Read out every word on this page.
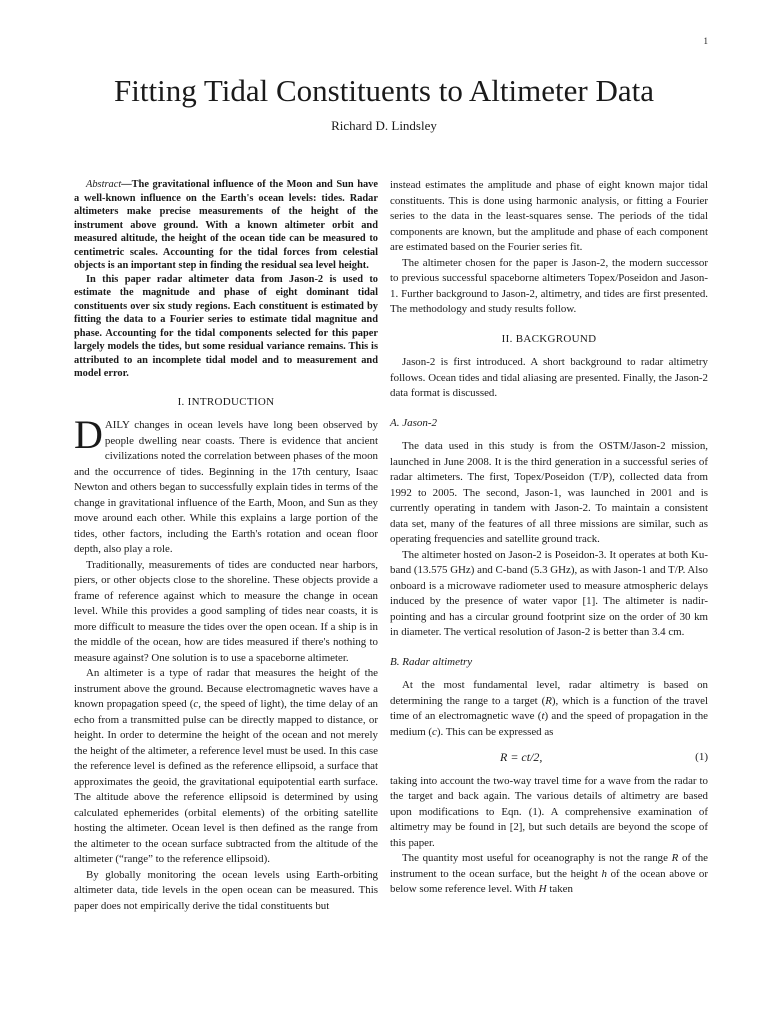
1
Fitting Tidal Constituents to Altimeter Data
Richard D. Lindsley

Abstract—The gravitational influence of the Moon and Sun have a well-known influence on the Earth's ocean levels: tides. Radar altimeters make precise measurements of the height of the instrument above ground. With a known altimeter orbit and measured altitude, the height of the ocean tide can be measured to centimetric scales. Accounting for the tidal forces from celestial objects is an important step in finding the residual sea level height.

In this paper radar altimeter data from Jason-2 is used to estimate the magnitude and phase of eight dominant tidal constituents over six study regions. Each constituent is estimated by fitting the data to a Fourier series to estimate tidal magnitue and phase. Accounting for the tidal components selected for this paper largely models the tides, but some residual variance remains. This is attributed to an incomplete tidal model and to measurement and model error.

I. INTRODUCTION

DAILY changes in ocean levels have long been observed by people dwelling near coasts. There is evidence that ancient civilizations noted the correlation between phases of the moon and the occurrence of tides. Beginning in the 17th century, Isaac Newton and others began to successfully explain tides in terms of the change in gravitational influence of the Earth, Moon, and Sun as they move around each other. While this explains a large portion of the tides, other factors, including the Earth's rotation and ocean floor depth, also play a role.

Traditionally, measurements of tides are conducted near harbors, piers, or other objects close to the shoreline. These objects provide a frame of reference against which to measure the change in ocean level. While this provides a good sampling of tides near coasts, it is more difficult to measure the tides over the open ocean. If a ship is in the middle of the ocean, how are tides measured if there's nothing to measure against? One solution is to use a spaceborne altimeter.

An altimeter is a type of radar that measures the height of the instrument above the ground. Because electromagnetic waves have a known propagation speed (c, the speed of light), the time delay of an echo from a transmitted pulse can be directly mapped to distance, or height. In order to determine the height of the ocean and not merely the height of the altimeter, a reference level must be used. In this case the reference level is defined as the reference ellipsoid, a surface that approximates the geoid, the gravitational equipotential earth surface. The altitude above the reference ellipsoid is determined by using calculated ephemerides (orbital elements) of the orbiting satellite hosting the altimeter. Ocean level is then defined as the range from the altimeter to the ocean surface subtracted from the altitude of the altimeter (“range” to the reference ellipsoid).

By globally monitoring the ocean levels using Earth-orbiting altimeter data, tide levels in the open ocean can be measured. This paper does not empirically derive the tidal constituents but

instead estimates the amplitude and phase of eight known major tidal constituents. This is done using harmonic analysis, or fitting a Fourier series to the data in the least-squares sense. The periods of the tidal components are known, but the amplitude and phase of each component are estimated based on the Fourier series fit.

The altimeter chosen for the paper is Jason-2, the modern successor to previous successful spaceborne altimeters Topex/Poseidon and Jason-1. Further background to Jason-2, altimetry, and tides are first presented. The methodology and study results follow.

II. BACKGROUND

Jason-2 is first introduced. A short background to radar altimetry follows. Ocean tides and tidal aliasing are presented. Finally, the Jason-2 data format is discussed.

A. Jason-2

The data used in this study is from the OSTM/Jason-2 mission, launched in June 2008. It is the third generation in a successful series of radar altimeters. The first, Topex/Poseidon (T/P), collected data from 1992 to 2005. The second, Jason-1, was launched in 2001 and is currently operating in tandem with Jason-2. To maintain a consistent data set, many of the features of all three missions are similar, such as operating frequencies and satellite ground track.

The altimeter hosted on Jason-2 is Poseidon-3. It operates at both Ku-band (13.575 GHz) and C-band (5.3 GHz), as with Jason-1 and T/P. Also onboard is a microwave radiometer used to measure atmospheric delays induced by the presence of water vapor [1]. The altimeter is nadir-pointing and has a circular ground footprint size on the order of 30 km in diameter. The vertical resolution of Jason-2 is better than 3.4 cm.

B. Radar altimetry

At the most fundamental level, radar altimetry is based on determining the range to a target (R), which is a function of the travel time of an electromagnetic wave (t) and the speed of propagation in the medium (c). This can be expressed as

R = ct/2,	(1)

taking into account the two-way travel time for a wave from the radar to the target and back again. The various details of altimetry are based upon modifications to Eqn. (1). A comprehensive examination of altimetry may be found in [2], but such details are beyond the scope of this paper.

The quantity most useful for oceanography is not the range R of the instrument to the ocean surface, but the height h of the ocean above or below some reference level. With H taken
